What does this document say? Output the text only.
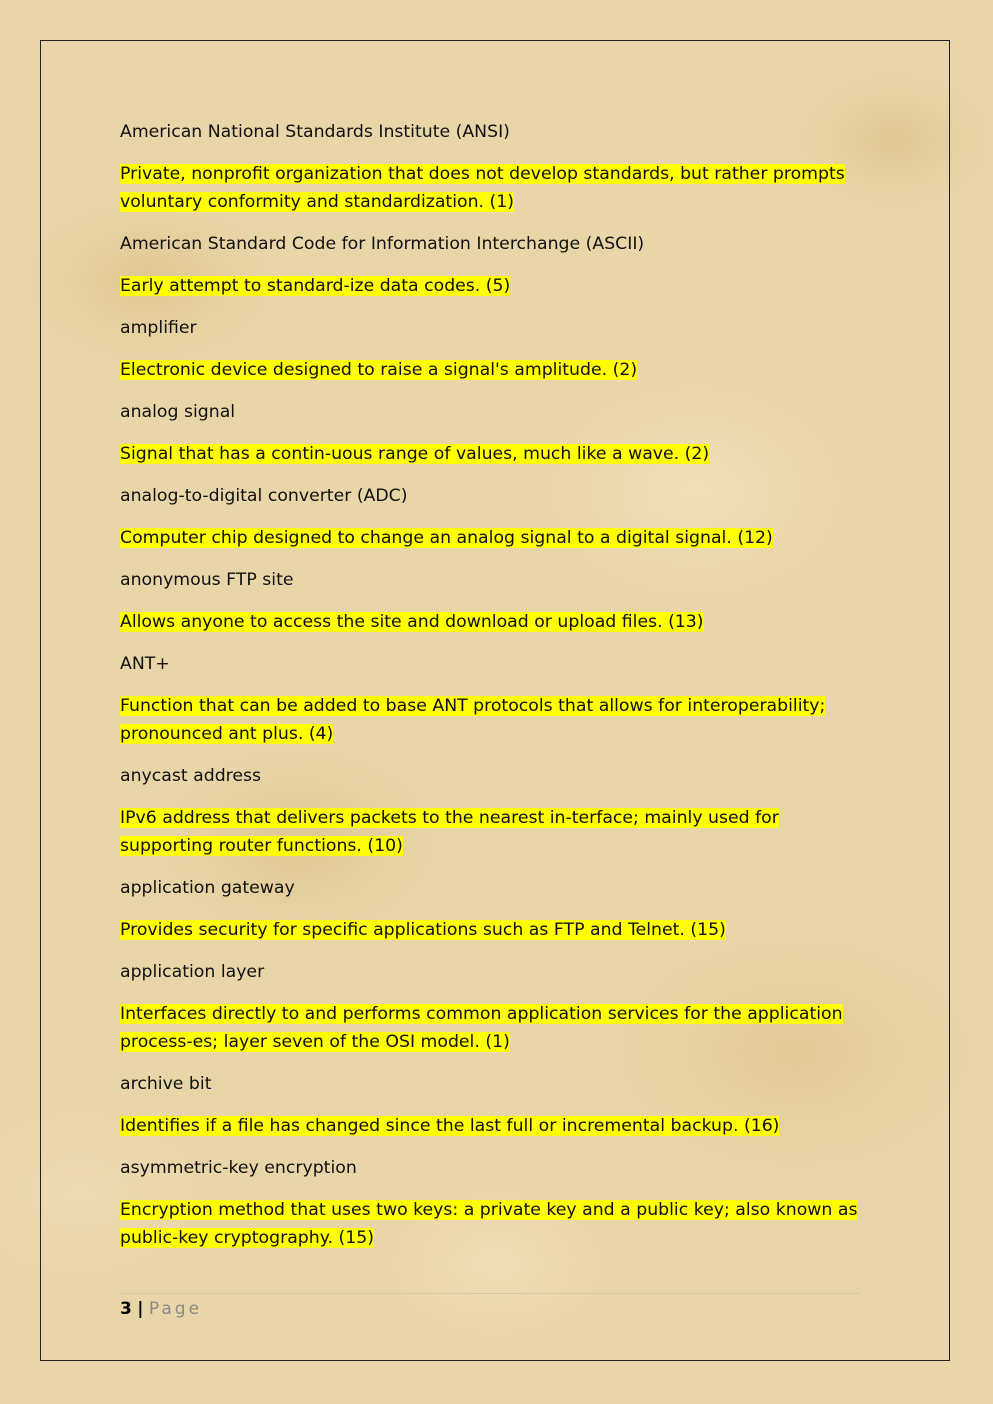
American National Standards Institute (ANSI)

Private, nonprofit organization that does not develop standards, but rather prompts voluntary conformity and standardization. (1)

American Standard Code for Information Interchange (ASCII)

Early attempt to standard-ize data codes. (5)

amplifier

Electronic device designed to raise a signal's amplitude. (2)

analog signal

Signal that has a contin-uous range of values, much like a wave. (2)

analog-to-digital converter (ADC)

Computer chip designed to change an analog signal to a digital signal. (12)

anonymous FTP site

Allows anyone to access the site and download or upload files. (13)

ANT+

Function that can be added to base ANT protocols that allows for interoperability; pronounced ant plus. (4)

anycast address

IPv6 address that delivers packets to the nearest in-terface; mainly used for supporting router functions. (10)

application gateway

Provides security for specific applications such as FTP and Telnet. (15)

application layer

Interfaces directly to and performs common application services for the application process-es; layer seven of the OSI model. (1)

archive bit

Identifies if a file has changed since the last full or incremental backup. (16)

asymmetric-key encryption

Encryption method that uses two keys: a private key and a public key; also known as public-key cryptography. (15)

3 | Page
